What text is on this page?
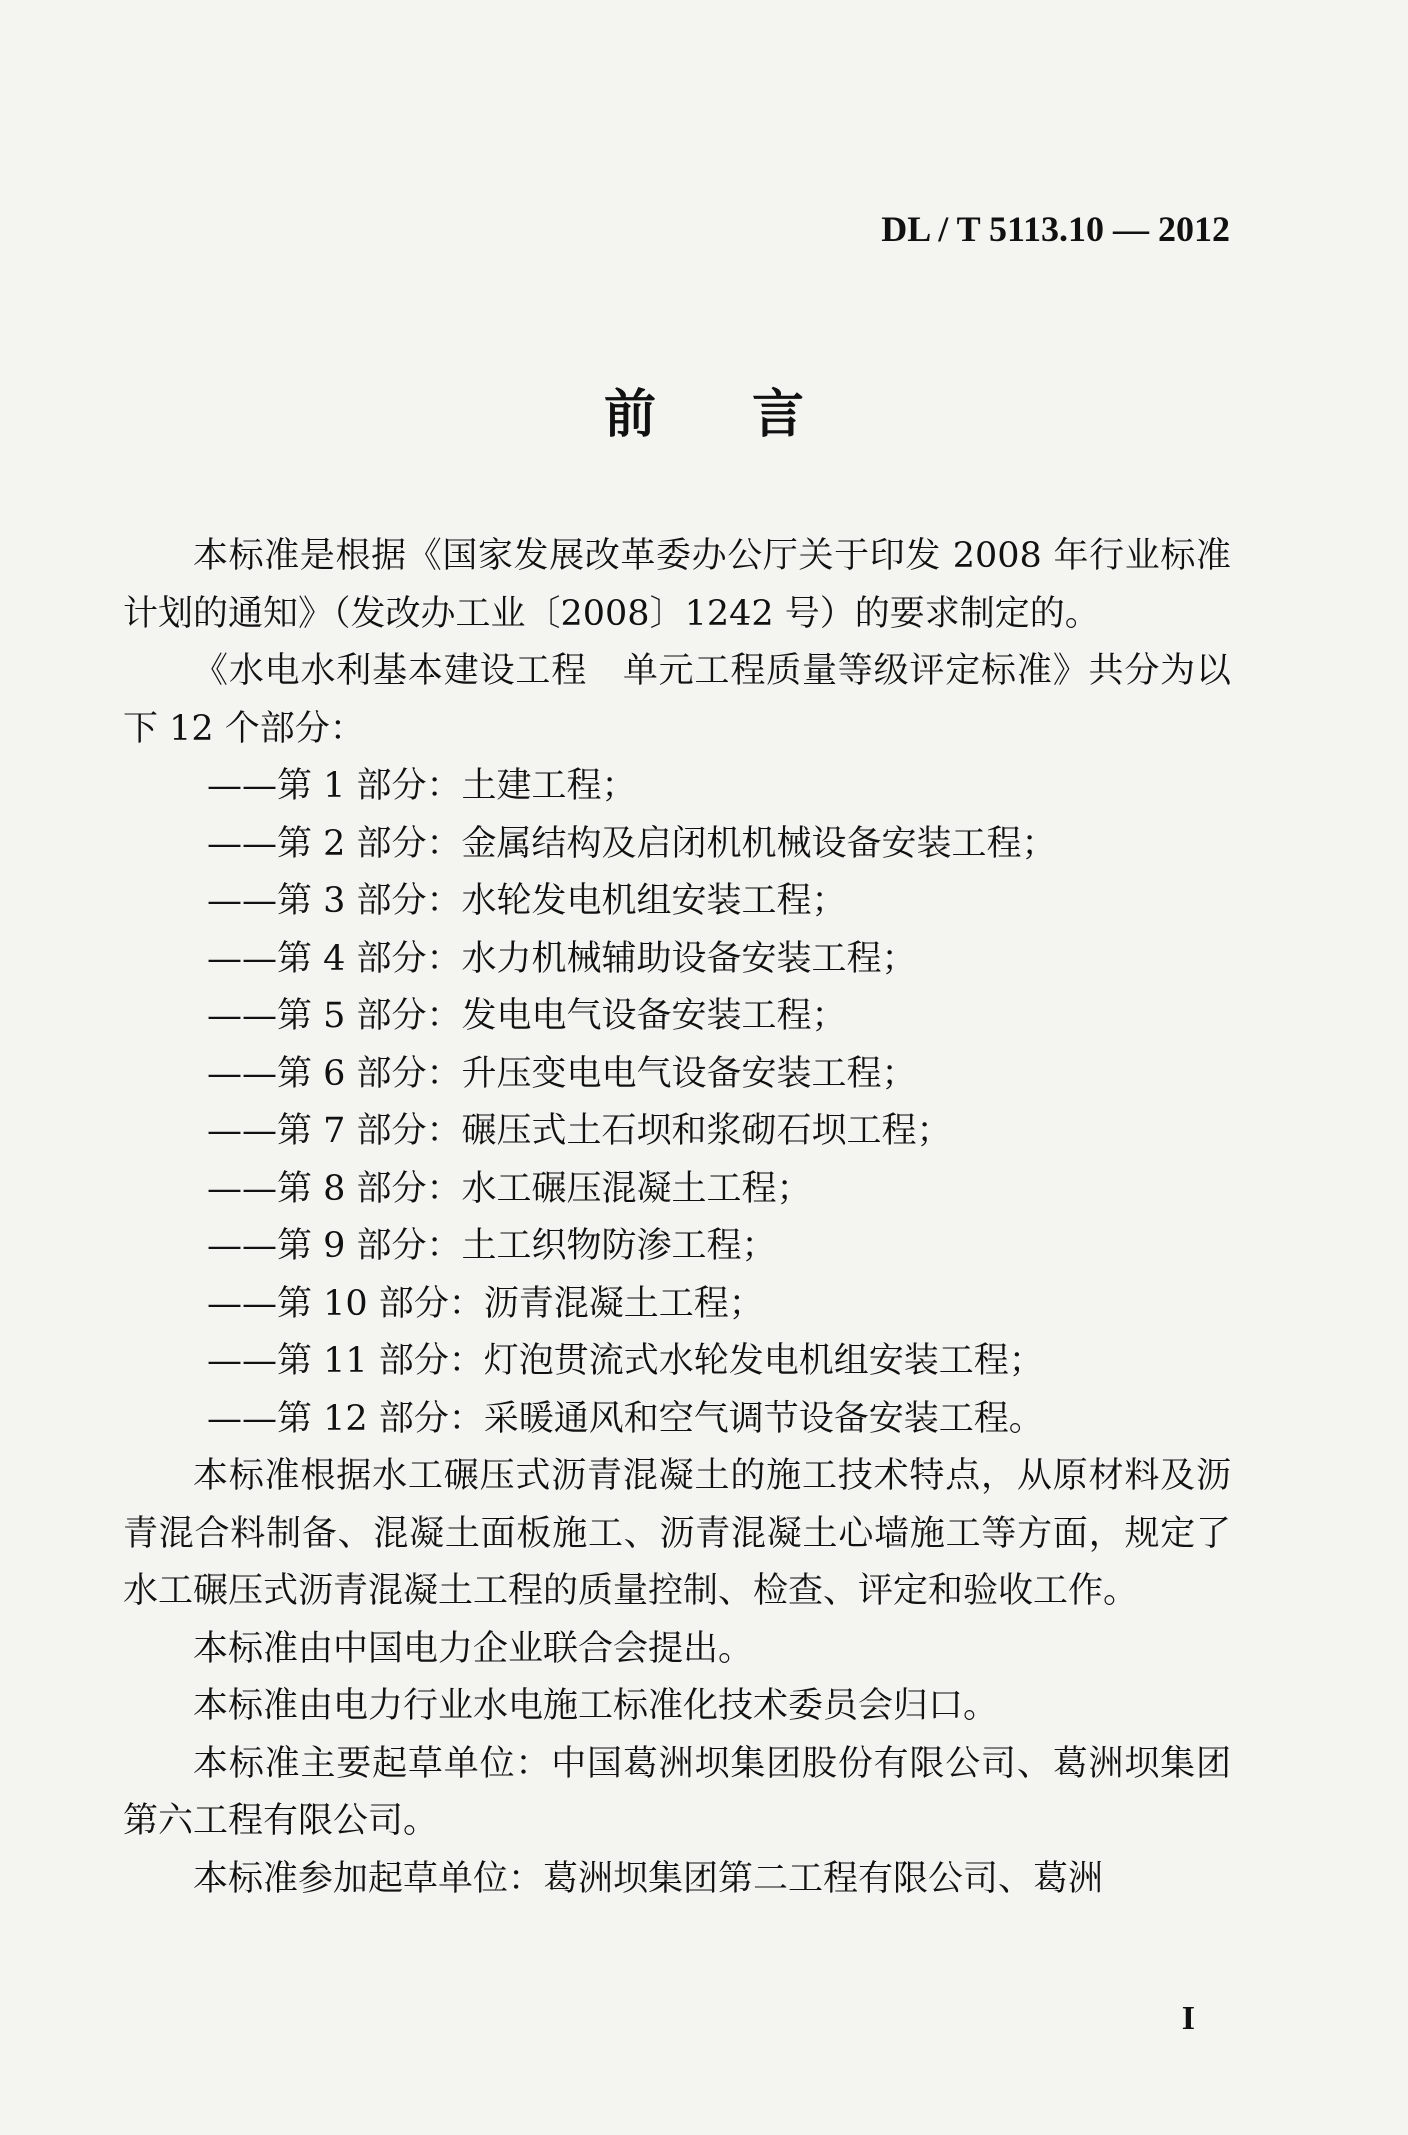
DL / T 5113.10 — 2012
前言

本标准是根据《国家发展改革委办公厅关于印发 2008 年行业标准计划的通知》（发改办工业〔2008〕1242 号）的要求制定的。

《水电水利基本建设工程　单元工程质量等级评定标准》共分为以下 12 个部分：

——第 1 部分：土建工程；

——第 2 部分：金属结构及启闭机机械设备安装工程；

——第 3 部分：水轮发电机组安装工程；

——第 4 部分：水力机械辅助设备安装工程；

——第 5 部分：发电电气设备安装工程；

——第 6 部分：升压变电电气设备安装工程；

——第 7 部分：碾压式土石坝和浆砌石坝工程；

——第 8 部分：水工碾压混凝土工程；

——第 9 部分：土工织物防渗工程；

——第 10 部分：沥青混凝土工程；

——第 11 部分：灯泡贯流式水轮发电机组安装工程；

——第 12 部分：采暖通风和空气调节设备安装工程。

本标准根据水工碾压式沥青混凝土的施工技术特点，从原材料及沥青混合料制备、混凝土面板施工、沥青混凝土心墙施工等方面，规定了水工碾压式沥青混凝土工程的质量控制、检查、评定和验收工作。

本标准由中国电力企业联合会提出。

本标准由电力行业水电施工标准化技术委员会归口。

本标准主要起草单位：中国葛洲坝集团股份有限公司、葛洲坝集团第六工程有限公司。

本标准参加起草单位：葛洲坝集团第二工程有限公司、葛洲

I
